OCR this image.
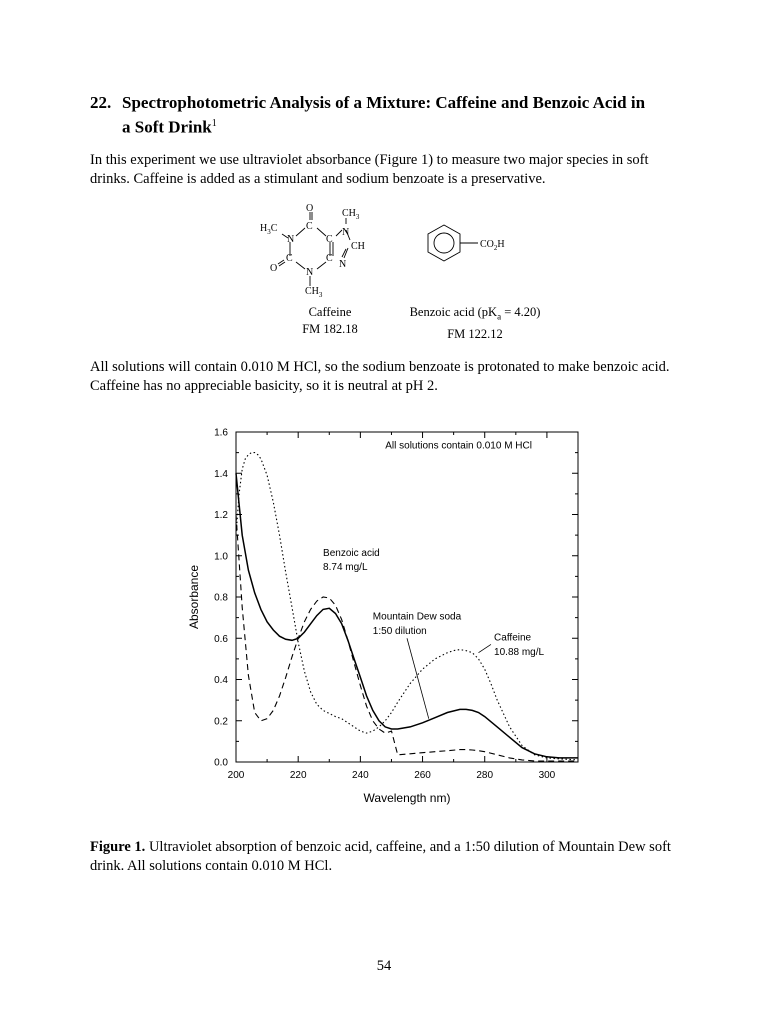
22. Spectrophotometric Analysis of a Mixture: Caffeine and Benzoic Acid in
a Soft Drink$^1$
In this experiment we use ultraviolet absorbance (Figure 1) to measure two major species in soft drinks. Caffeine is added as a stimulant and sodium benzoate is a preservative.
O	$CH_3$
$H_3C$
N
C
C
N
CH
C	C
N
O	N
$CH_3$
$CO_2H$
Caffeine
FM 182.18
Benzoic acid $(pK_a = 4.20)$
FM 122.12
All solutions will contain 0.010 M HCl, so the sodium benzoate is protonated to make benzoic acid. Caffeine has no appreciable basicity, so it is neutral at pH 2.
200	220	240	260	280	300
0.0
0.2
0.4
0.6
0.8
1.0
1.2
1.4
1.6
All solutions contain 0.010 M HCl
Benzoic acid
8.74 mg/L
Mountain Dew soda
1:50 dilution
Caffeine
10.88 mg/L
Wavelength nm)
Absorbance
Figure 1. Ultraviolet absorption of benzoic acid, caffeine, and a 1:50 dilution of Mountain Dew soft drink. All solutions contain 0.010 M HCl.
54
